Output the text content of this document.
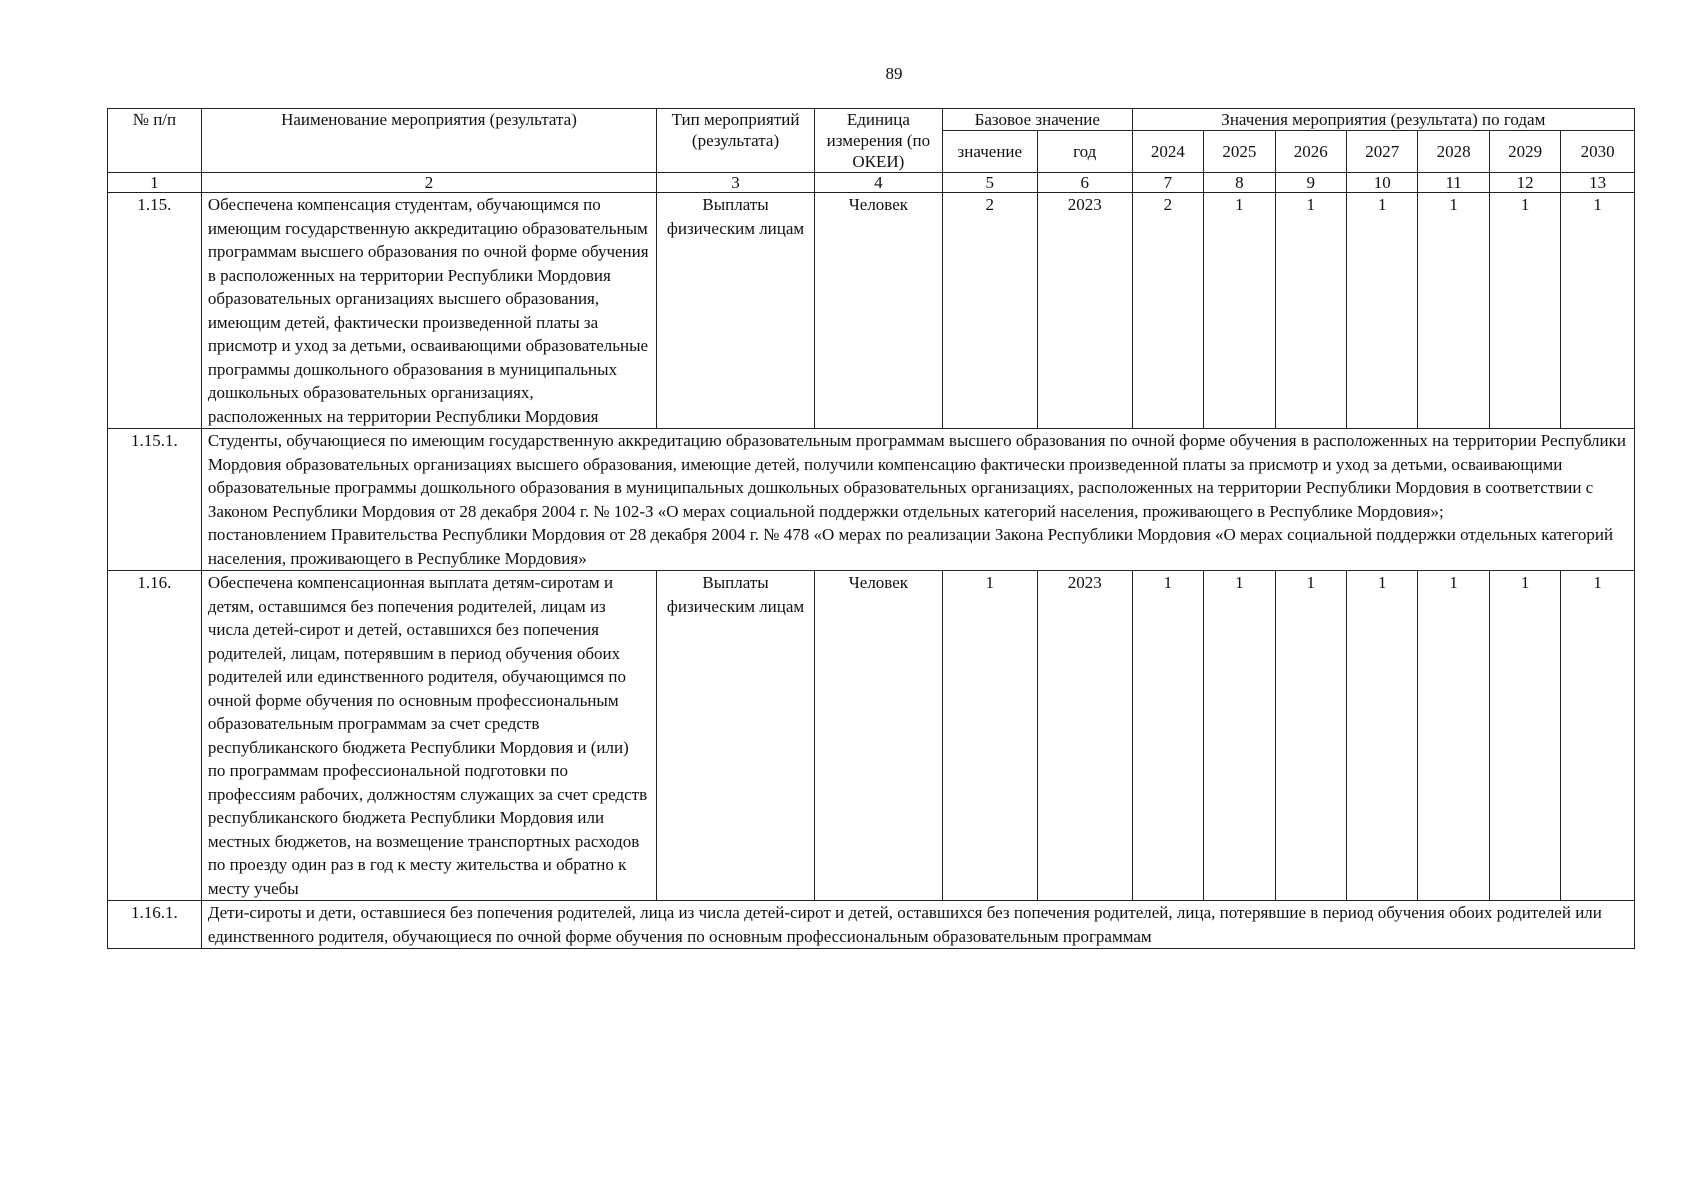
89
№ п/п	Наименование мероприятия (результата)	Тип мероприятий (результата)	Единица измерения (по ОКЕИ)	Базовое значение		Значения мероприятия (результата) по годам						
				значение	год	2024	2025	2026	2027	2028	2029	2030
1	2	3	4	5	6	7	8	9	10	11	12	13
1.15.	Обеспечена компенсация студентам, обучающимся по имеющим государственную аккредитацию образовательным программам высшего образования по очной форме обучения в расположенных на территории Республики Мордовия образовательных организациях высшего образования, имеющим детей, фактически произведенной платы за присмотр и уход за детьми, осваивающими образовательные программы дошкольного образования в муниципальных дошкольных образовательных организациях, расположенных на территории Республики Мордовия	Выплаты физическим лицам	Человек	2	2023	2	1	1	1	1	1	1
1.15.1.	Студенты, обучающиеся по имеющим государственную аккредитацию образовательным программам высшего образования по очной форме обучения в расположенных на территории Республики Мордовия образовательных организациях высшего образования, имеющие детей, получили компенсацию фактически произведенной платы за присмотр и уход за детьми, осваивающими образовательные программы дошкольного образования в муниципальных дошкольных образовательных организациях, расположенных на территории Республики Мордовия в соответствии с Законом Республики Мордовия от 28 декабря 2004 г. № 102-З «О мерах социальной поддержки отдельных категорий населения, проживающего в Республике Мордовия»;
постановлением Правительства Республики Мордовия от 28 декабря 2004 г. № 478 «О мерах по реализации Закона Республики Мордовия «О мерах социальной поддержки отдельных категорий населения, проживающего в Республике Мордовия»											

1.16.	Обеспечена компенсационная выплата детям-сиротам и детям, оставшимся без попечения родителей, лицам из числа детей-сирот и детей, оставшихся без попечения родителей, лицам, потерявшим в период обучения обоих родителей или единственного родителя, обучающимся по очной форме обучения по основным профессиональным образовательным программам за счет средств республиканского бюджета Республики Мордовия и (или) по программам профессиональной подготовки по профессиям рабочих, должностям служащих за счет средств республиканского бюджета Республики Мордовия или местных бюджетов, на возмещение транспортных расходов по проезду один раз в год к месту жительства и обратно к месту учебы	Выплаты физическим лицам	Человек	1	2023	1	1	1	1	1	1	1
1.16.1.	Дети-сироты и дети, оставшиеся без попечения родителей, лица из числа детей-сирот и детей, оставшихся без попечения родителей, лица, потерявшие в период обучения обоих родителей или единственного родителя, обучающиеся по очной форме обучения по основным профессиональным образовательным программам											
